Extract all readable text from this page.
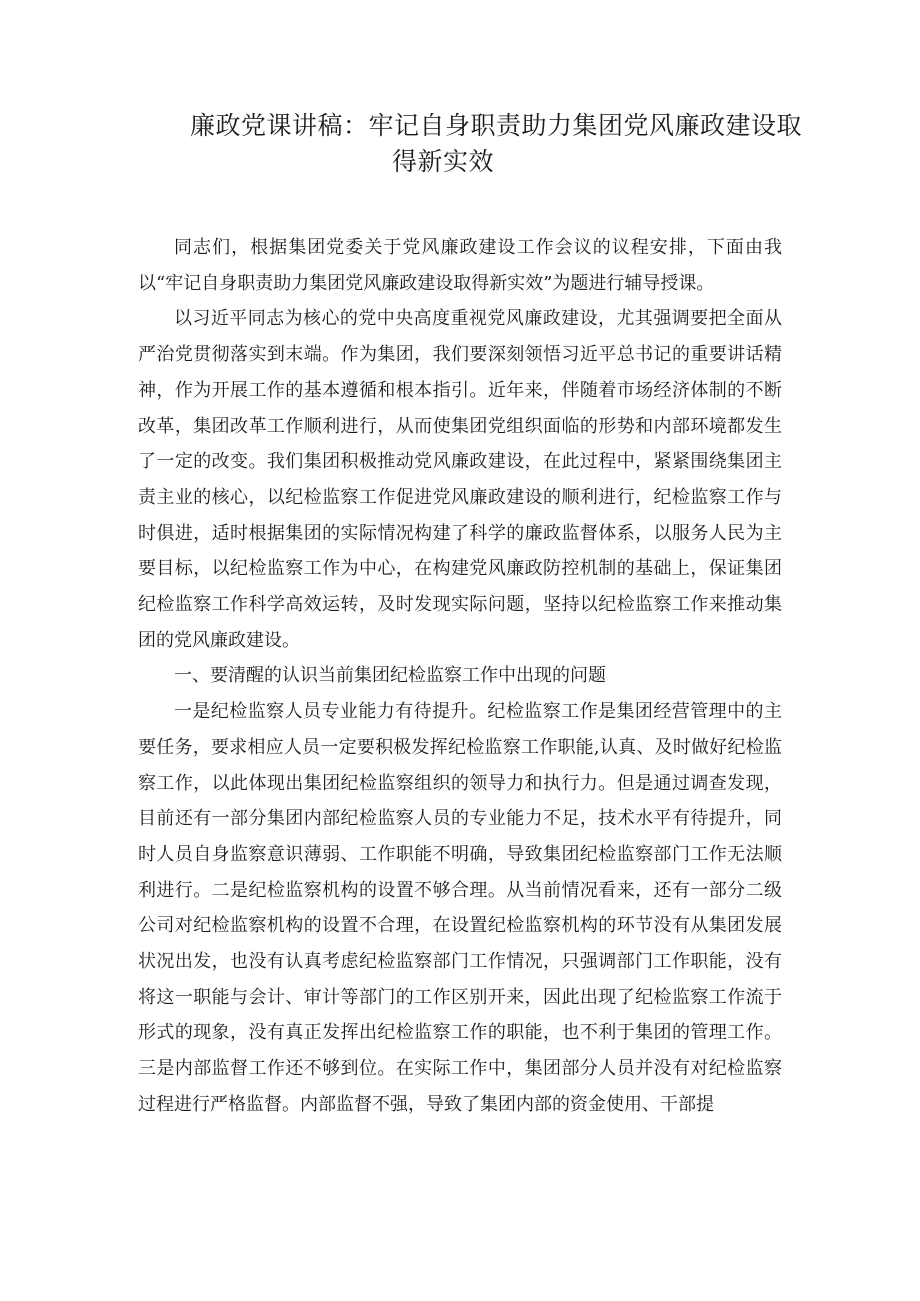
廉政党课讲稿：牢记自身职责助力集团党风廉政建设取
得新实效

同志们，根据集团党委关于党风廉政建设工作会议的议程安排，下面由我以“牢记自身职责助力集团党风廉政建设取得新实效”为题进行辅导授课。

以习近平同志为核心的党中央高度重视党风廉政建设，尤其强调要把全面从严治党贯彻落实到末端。作为集团，我们要深刻领悟习近平总书记的重要讲话精神，作为开展工作的基本遵循和根本指引。近年来，伴随着市场经济体制的不断改革，集团改革工作顺利进行，从而使集团党组织面临的形势和内部环境都发生了一定的改变。我们集团积极推动党风廉政建设，在此过程中，紧紧围绕集团主责主业的核心，以纪检监察工作促进党风廉政建设的顺利进行，纪检监察工作与时俱进，适时根据集团的实际情况构建了科学的廉政监督体系，以服务人民为主要目标，以纪检监察工作为中心，在构建党风廉政防控机制的基础上，保证集团纪检监察工作科学高效运转，及时发现实际问题，坚持以纪检监察工作来推动集团的党风廉政建设。

一、要清醒的认识当前集团纪检监察工作中出现的问题

一是纪检监察人员专业能力有待提升。纪检监察工作是集团经营管理中的主要任务，要求相应人员一定要积极发挥纪检监察工作职能,认真、及时做好纪检监察工作，以此体现出集团纪检监察组织的领导力和执行力。但是通过调查发现，目前还有一部分集团内部纪检监察人员的专业能力不足，技术水平有待提升，同时人员自身监察意识薄弱、工作职能不明确，导致集团纪检监察部门工作无法顺利进行。二是纪检监察机构的设置不够合理。从当前情况看来，还有一部分二级公司对纪检监察机构的设置不合理，在设置纪检监察机构的环节没有从集团发展状况出发，也没有认真考虑纪检监察部门工作情况，只强调部门工作职能，没有将这一职能与会计、审计等部门的工作区别开来，因此出现了纪检监察工作流于形式的现象，没有真正发挥出纪检监察工作的职能，也不利于集团的管理工作。三是内部监督工作还不够到位。在实际工作中，集团部分人员并没有对纪检监察过程进行严格监督。内部监督不强，导致了集团内部的资金使用、干部提
